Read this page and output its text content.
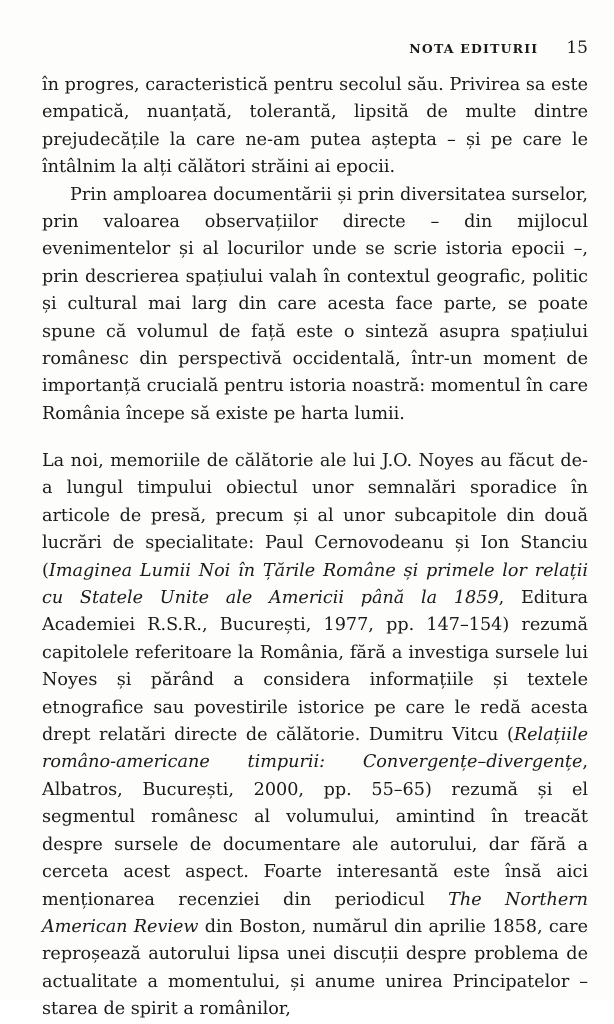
NOTA EDITURII 15

în progres, caracteristică pentru secolul său. Privirea sa este empatică, nuanțată, tolerantă, lipsită de multe dintre prejudecățile la care ne-am putea aștepta – și pe care le întâlnim la alți călători străini ai epocii.

Prin amploarea documentării și prin diversitatea surselor, prin valoarea observațiilor directe – din mijlocul evenimentelor și al locurilor unde se scrie istoria epocii –, prin descrierea spațiului valah în contextul geografic, politic și cultural mai larg din care acesta face parte, se poate spune că volumul de față este o sinteză asupra spațiului românesc din perspectivă occidentală, într-un moment de importanță crucială pentru istoria noastră: momentul în care România începe să existe pe harta lumii.

La noi, memoriile de călătorie ale lui J.O. Noyes au făcut de-a lungul timpului obiectul unor semnalări sporadice în articole de presă, precum și al unor subcapitole din două lucrări de specialitate: Paul Cernovodeanu și Ion Stanciu (Imaginea Lumii Noi în Țările Române și primele lor relații cu Statele Unite ale Americii până la 1859, Editura Academiei R.S.R., București, 1977, pp. 147–154) rezumă capitolele referitoare la România, fără a investiga sursele lui Noyes și părând a considera informațiile și textele etnografice sau povestirile istorice pe care le redă acesta drept relatări directe de călătorie. Dumitru Vitcu (Relațiile româno-americane timpurii: Convergențe–divergențe, Albatros, București, 2000, pp. 55–65) rezumă și el segmentul românesc al volumului, amintind în treacăt despre sursele de documentare ale autorului, dar fără a cerceta acest aspect. Foarte interesantă este însă aici menționarea recenziei din periodicul The Northern American Review din Boston, numărul din aprilie 1858, care reproșează autorului lipsa unei discuții despre problema de actualitate a momentului, și anume unirea Principatelor – starea de spirit a românilor,
